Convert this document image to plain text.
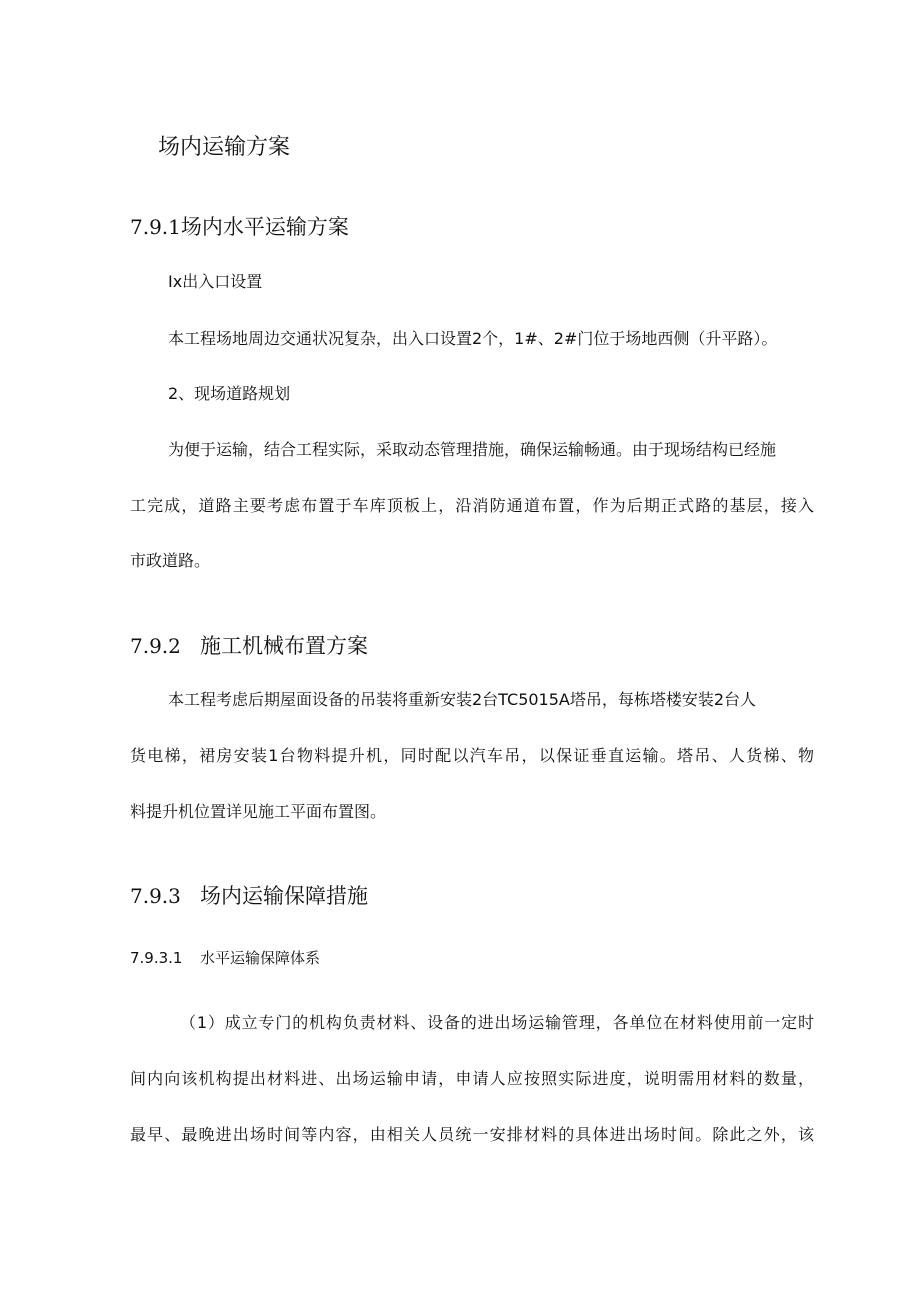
场内运输方案
7.9.1场内水平运输方案
Ix出入口设置
本工程场地周边交通状况复杂，出入口设置2个，1#、2#门位于场地西侧（升平路）。
2、现场道路规划
为便于运输，结合工程实际，采取动态管理措施，确保运输畅通。由于现场结构已经施
工完成，道路主要考虑布置于车库顶板上，沿消防通道布置，作为后期正式路的基层，接入
市政道路。
7.9.2 施工机械布置方案
本工程考虑后期屋面设备的吊装将重新安装2台TC5015A塔吊，每栋塔楼安装2台人
货电梯，裙房安装1台物料提升机，同时配以汽车吊，以保证垂直运输。塔吊、人货梯、物
料提升机位置详见施工平面布置图。
7.9.3 场内运输保障措施
7.9.3.1 水平运输保障体系
（1）成立专门的机构负责材料、设备的进出场运输管理，各单位在材料使用前一定时
间内向该机构提出材料进、出场运输申请，申请人应按照实际进度，说明需用材料的数量，
最早、最晚进出场时间等内容，由相关人员统一安排材料的具体进出场时间。除此之外，该
